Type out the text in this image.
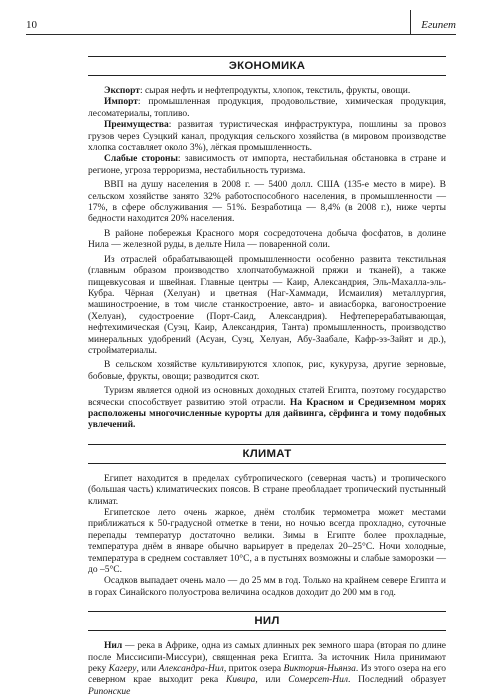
10	Египет
ЭКОНОМИКА

Экспорт: сырая нефть и нефтепродукты, хлопок, текстиль, фрукты, овощи.

Импорт: промышленная продукция, продовольствие, химическая продукция, лесоматериалы, топливо.

Преимущества: развитая туристическая инфраструктура, пошлины за провоз грузов через Суэцкий канал, продукция сельского хозяйства (в мировом производстве хлопка составляет около 3%), лёгкая промышленность.

Слабые стороны: зависимость от импорта, нестабильная обстановка в стране и регионе, угроза терроризма, нестабильность туризма.

ВВП на душу населения в 2008 г. — 5400 долл. США (135-е место в мире). В сельском хозяйстве занято 32% работоспособного населения, в промышленности — 17%, в сфере обслуживания — 51%. Безработица — 8,4% (в 2008 г.), ниже черты бедности находится 20% населения.

В районе побережья Красного моря сосредоточена добыча фосфатов, в долине Нила — железной руды, в дельте Нила — поваренной соли.

Из отраслей обрабатывающей промышленности особенно развита текстильная (главным образом производство хлопчатобумажной пряжи и тканей), а также пищевкусовая и швейная. Главные центры — Каир, Александрия, Эль-Махалла-эль-Кубра. Чёрная (Хелуан) и цветная (Наг-Хаммади, Исмаилия) металлургия, машиностроение, в том числе станкостроение, авто- и авиасборка, вагоностроение (Хелуан), судостроение (Порт-Саид, Александрия). Нефтеперерабатывающая, нефтехимическая (Суэц, Каир, Александрия, Танта) промышленность, производство минеральных удобрений (Асуан, Суэц, Хелуан, Абу-Заабале, Кафр-эз-Зайят и др.), стройматериалы.

В сельском хозяйстве культивируются хлопок, рис, кукуруза, другие зерновые, бобовые, фрукты, овощи; разводится скот.

Туризм является одной из основных доходных статей Египта, поэтому государство всячески способствует развитию этой отрасли. На Красном и Средиземном морях расположены многочисленные курорты для дайвинга, сёрфинга и тому подобных увлечений.

КЛИМАТ

Египет находится в пределах субтропического (северная часть) и тропического (большая часть) климатических поясов. В стране преобладает тропический пустынный климат.

Египетское лето очень жаркое, днём столбик термометра может местами приближаться к 50-градусной отметке в тени, но ночью всегда прохладно, суточные перепады температур достаточно велики. Зимы в Египте более прохладные, температура днём в январе обычно варьирует в пределах 20–25°С. Ночи холодные, температура в среднем составляет 10°С, а в пустынях возможны и слабые заморозки — до –5°С.

Осадков выпадает очень мало — до 25 мм в год. Только на крайнем севере Египта и в горах Синайского полуострова величина осадков доходит до 200 мм в год.

НИЛ

Нил — река в Африке, одна из самых длинных рек земного шара (вторая по длине после Миссисипи-Миссури), священная река Египта. За источник Нила принимают реку Кагеру, или Александра-Нил, приток озера Виктория-Ньянза. Из этого озера на его северном крае выходит река Кивира, или Сомерсет-Нил. Последний образует Рипонские
